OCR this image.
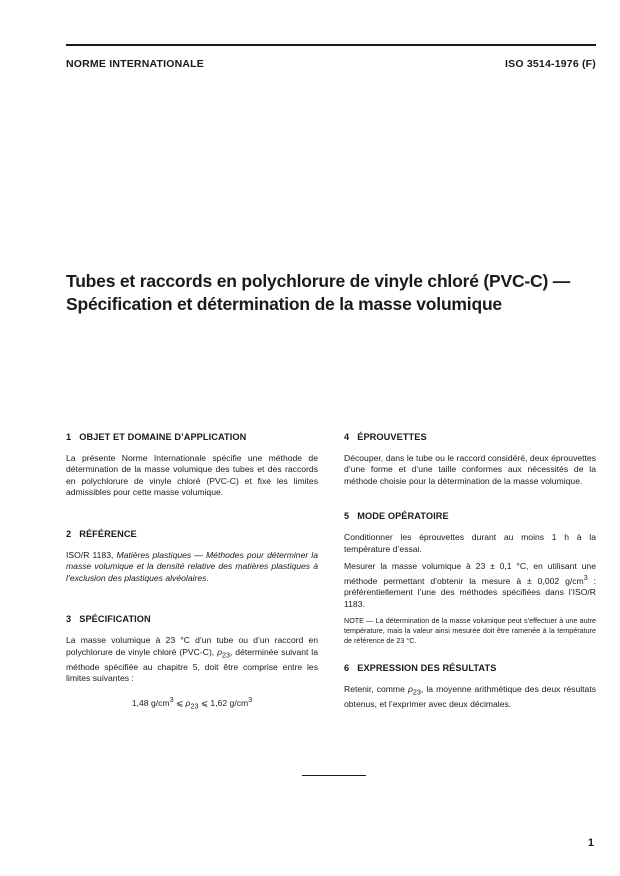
NORME INTERNATIONALE	ISO 3514-1976 (F)
Tubes et raccords en polychlorure de vinyle chloré (PVC-C) —
Spécification et détermination de la masse volumique
1 OBJET ET DOMAINE D’APPLICATION

La présente Norme Internationale spécifie une méthode de détermination de la masse volumique des tubes et des raccords en polychlorure de vinyle chloré (PVC-C) et fixe les limites admissibles pour cette masse volumique.

2 RÉFÉRENCE

ISO/R 1183, Matières plastiques — Méthodes pour déterminer la masse volumique et la densité relative des matières plastiques à l’exclusion des plastiques alvéolaires.

3 SPÉCIFICATION

La masse volumique à 23 °C d’un tube ou d’un raccord en polychlorure de vinyle chloré (PVC-C), $\rho_{23}$, déterminée suivant la méthode spécifiée au chapitre 5, doit être comprise entre les limites suivantes :

1,48 $g/cm^3$ ⩽ $\rho_{23}$ ⩽ 1,62 $g/cm^3$
4 ÉPROUVETTES

Découper, dans le tube ou le raccord considéré, deux éprouvettes d’une forme et d’une taille conformes aux nécessités de la méthode choisie pour la détermination de la masse volumique.

5 MODE OPÉRATOIRE

Conditionner les éprouvettes durant au moins 1 h à la température d’essai.

Mesurer la masse volumique à 23 ± 0,1 °C, en utilisant une méthode permettant d’obtenir la mesure à ± 0,002 $g/cm^3$ : préférentiellement l’une des méthodes spécifiées dans l’ISO/R 1183.

NOTE — La détermination de la masse volumique peut s’effectuer à une autre température, mais la valeur ainsi mesurée doit être ramenée à la température de référence de 23 °C.

6 EXPRESSION DES RÉSULTATS

Retenir, comme $\rho_{23}$, la moyenne arithmétique des deux résultats obtenus, et l’exprimer avec deux décimales.

1
